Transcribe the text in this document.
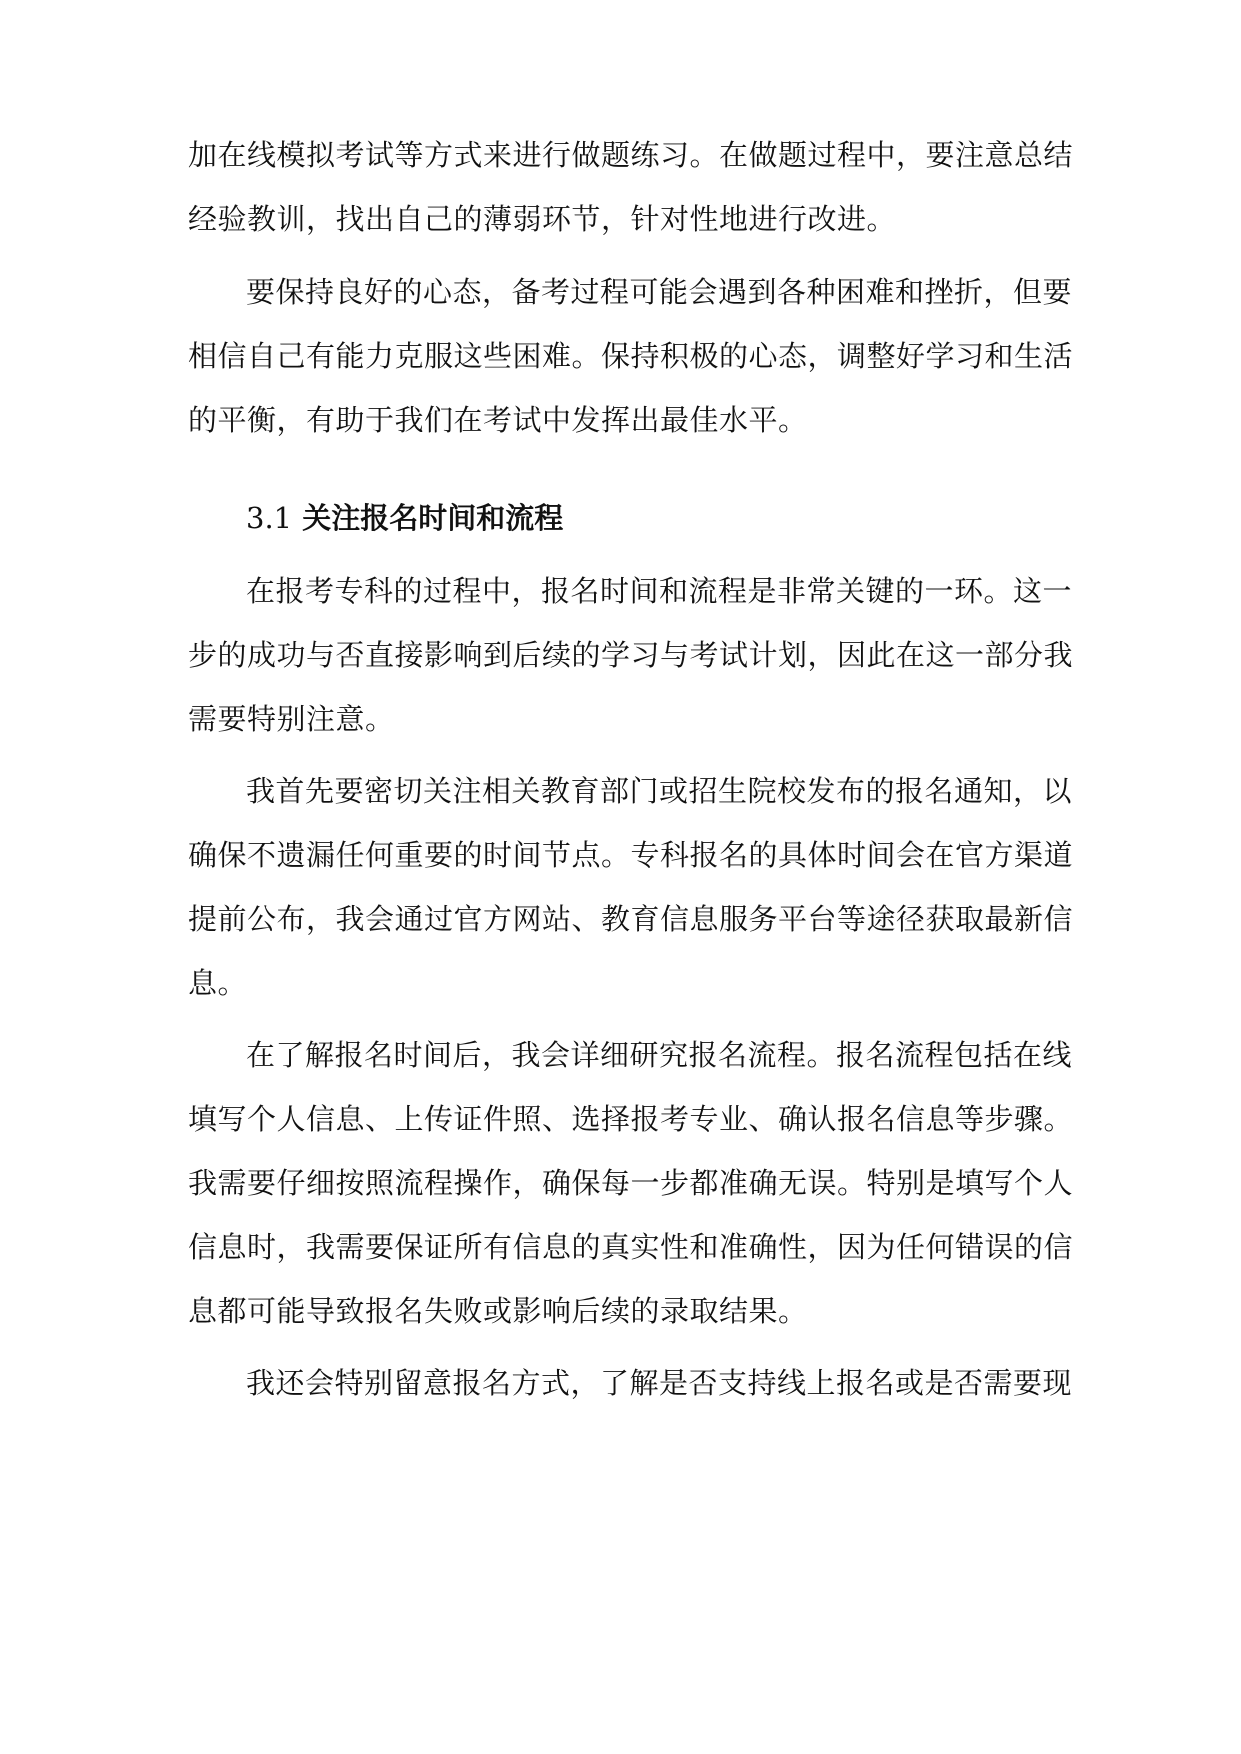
加在线模拟考试等方式来进行做题练习。在做题过程中，要注意总结
经验教训，找出自己的薄弱环节，针对性地进行改进。
要保持良好的心态，备考过程可能会遇到各种困难和挫折，但要
相信自己有能力克服这些困难。保持积极的心态，调整好学习和生活
的平衡，有助于我们在考试中发挥出最佳水平。
3.1 关注报名时间和流程
在报考专科的过程中，报名时间和流程是非常关键的一环。这一
步的成功与否直接影响到后续的学习与考试计划，因此在这一部分我
需要特别注意。
我首先要密切关注相关教育部门或招生院校发布的报名通知，以
确保不遗漏任何重要的时间节点。专科报名的具体时间会在官方渠道
提前公布，我会通过官方网站、教育信息服务平台等途径获取最新信
息。
在了解报名时间后，我会详细研究报名流程。报名流程包括在线
填写个人信息、上传证件照、选择报考专业、确认报名信息等步骤。
我需要仔细按照流程操作，确保每一步都准确无误。特别是填写个人
信息时，我需要保证所有信息的真实性和准确性，因为任何错误的信
息都可能导致报名失败或影响后续的录取结果。
我还会特别留意报名方式，了解是否支持线上报名或是否需要现
